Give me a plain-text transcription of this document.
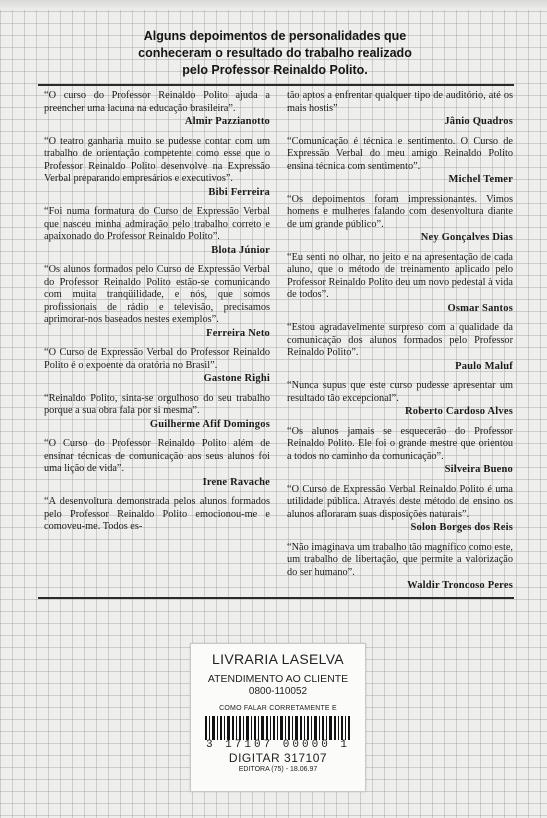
Alguns depoimentos de personalidades que
conheceram o resultado do trabalho realizado
pelo Professor Reinaldo Polito.

“O curso do Professor Reinaldo Polito ajuda a preencher uma lacuna na educação brasileira”.

Almir Pazzianotto

“O teatro ganharia muito se pudesse contar com um trabalho de orientação competente como esse que o Professor Reinaldo Polito desenvolve na Expressão Verbal preparando empresários e executivos”.

Bibi Ferreira

“Foi numa formatura do Curso de Expressão Verbal que nasceu minha admiração pelo trabalho correto e apaixonado do Professor Reinaldo Polito”.

Blota Júnior

“Os alunos formados pelo Curso de Expressão Verbal do Professor Reinaldo Polito estão-se comunicando com muita tranqüilidade, e nós, que somos profissionais de rádio e televisão, precisamos aprimorar-nos baseados nestes exemplos”.

Ferreira Neto

“O Curso de Expressão Verbal do Professor Reinaldo Polito é o expoente da oratória no Brasil”.

Gastone Righi

“Reinaldo Polito, sinta-se orgulhoso do seu trabalho porque a sua obra fala por si mesma”.

Guilherme Afif Domingos

“O Curso do Professor Reinaldo Polito além de ensinar técnicas de comunicação aos seus alunos foi uma lição de vida”.

Irene Ravache

“A desenvoltura demonstrada pelos alunos formados pelo Professor Reinaldo Polito emocionou-me e comoveu-me. Todos es-

tão aptos a enfrentar qualquer tipo de auditório, até os mais hostis”

Jânio Quadros

“Comunicação é técnica e sentimento. O Curso de Expressão Verbal do meu amigo Reinaldo Polito ensina técnica com sentimento”.

Michel Temer

“Os depoimentos foram impressionantes. Vimos homens e mulheres falando com desenvoltura diante de um grande público”.

Ney Gonçalves Dias

“Eu senti no olhar, no jeito e na apresentação de cada aluno, que o método de treinamento aplicado pelo Professor Reinaldo Polito deu um novo pedestal à vida de todos”.

Osmar Santos

“Estou agradavelmente surpreso com a qualidade da comunicação dos alunos formados pelo Professor Reinaldo Polito”.

Paulo Maluf

“Nunca supus que este curso pudesse apresentar um resultado tão excepcional”.

Roberto Cardoso Alves

“Os alunos jamais se esquecerão do Professor Reinaldo Polito. Ele foi o grande mestre que orientou a todos no caminho da comunicação”.

Silveira Bueno

“O Curso de Expressão Verbal Reinaldo Polito é uma utilidade pública. Através deste método de ensino os alunos afloraram suas disposições naturais”.

Solon Borges dos Reis

“Não imaginava um trabalho tão magnífico como este, um trabalho de libertação, que permite a valorização do ser humano”.

Waldir Troncoso Peres
LIVRARIA LASELVA
ATENDIMENTO AO CLIENTE
0800-110052
COMO FALAR CORRETAMENTE E
3 17107 00000 1
DIGITAR 317107
EDITORA (75) - 18.06.97
